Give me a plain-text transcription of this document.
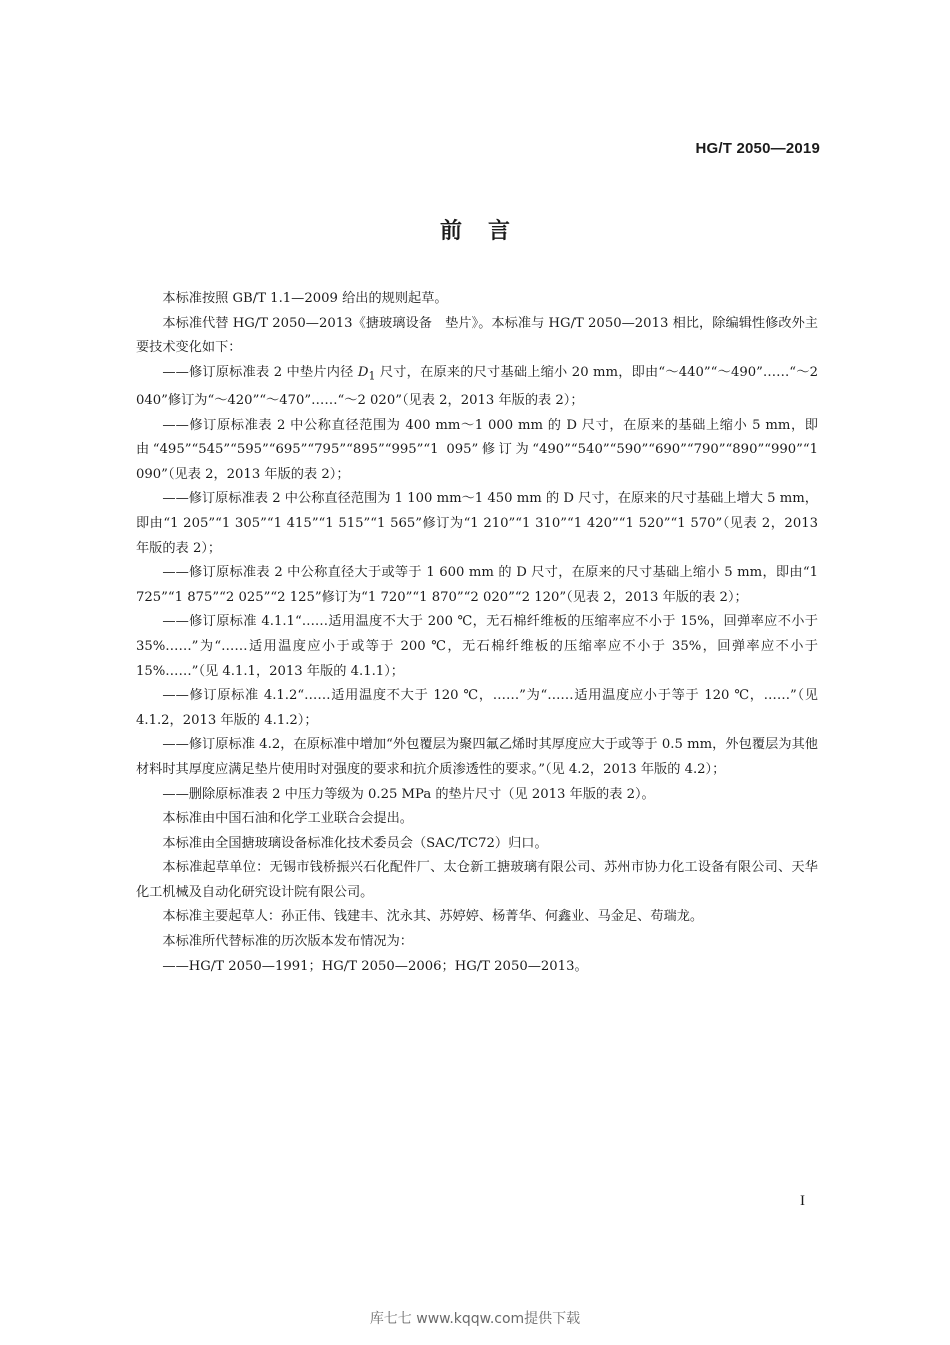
HG/T 2050—2019
前言

本标准按照 GB/T 1.1—2009 给出的规则起草。

本标准代替 HG/T 2050—2013《搪玻璃设备　垫片》。本标准与 HG/T 2050—2013 相比，除编辑性修改外主要技术变化如下：

——修订原标准表 2 中垫片内径 $D_1$ 尺寸，在原来的尺寸基础上缩小 20 mm，即由“～440”“～490”……“～2 040”修订为“～420”“～470”……“～2 020”（见表 2，2013 年版的表 2）；

——修订原标准表 2 中公称直径范围为 400 mm～1 000 mm 的 D 尺寸，在原来的基础上缩小 5 mm，即由“495”“545”“595”“695”“795”“895”“995”“1 095”修订为“490”“540”“590”“690”“790”“890”“990”“1 090”（见表 2，2013 年版的表 2）；

——修订原标准表 2 中公称直径范围为 1 100 mm～1 450 mm 的 D 尺寸，在原来的尺寸基础上增大 5 mm，即由“1 205”“1 305”“1 415”“1 515”“1 565”修订为“1 210”“1 310”“1 420”“1 520”“1 570”（见表 2，2013 年版的表 2）；

——修订原标准表 2 中公称直径大于或等于 1 600 mm 的 D 尺寸，在原来的尺寸基础上缩小 5 mm，即由“1 725”“1 875”“2 025”“2 125”修订为“1 720”“1 870”“2 020”“2 120”（见表 2，2013 年版的表 2）；

——修订原标准 4.1.1“……适用温度不大于 200 ℃，无石棉纤维板的压缩率应不小于 15%，回弹率应不小于 35%……”为“……适用温度应小于或等于 200 ℃，无石棉纤维板的压缩率应不小于 35%，回弹率应不小于 15%……”（见 4.1.1，2013 年版的 4.1.1）；

——修订原标准 4.1.2“……适用温度不大于 120 ℃，……”为“……适用温度应小于等于 120 ℃，……”（见 4.1.2，2013 年版的 4.1.2）；

——修订原标准 4.2，在原标准中增加“外包覆层为聚四氟乙烯时其厚度应大于或等于 0.5 mm，外包覆层为其他材料时其厚度应满足垫片使用时对强度的要求和抗介质渗透性的要求。”（见 4.2，2013 年版的 4.2）；

——删除原标准表 2 中压力等级为 0.25 MPa 的垫片尺寸（见 2013 年版的表 2）。

本标准由中国石油和化学工业联合会提出。

本标准由全国搪玻璃设备标准化技术委员会（SAC/TC72）归口。

本标准起草单位：无锡市钱桥振兴石化配件厂、太仓新工搪玻璃有限公司、苏州市协力化工设备有限公司、天华化工机械及自动化研究设计院有限公司。

本标准主要起草人：孙正伟、钱建丰、沈永其、苏婷婷、杨菁华、何鑫业、马金足、苟瑞龙。

本标准所代替标准的历次版本发布情况为：

——HG/T 2050—1991；HG/T 2050—2006；HG/T 2050—2013。

I
库七七 www.kqqw.com提供下载
